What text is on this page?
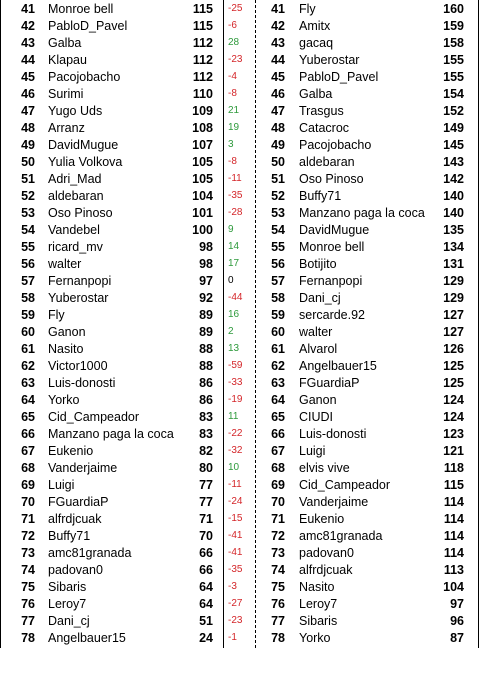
41 Monroe bell	115 -25	41 Fly	160
42 PabloD_Pavel	115 -6	42 Amitx	159
43 Galba	112 28	43 gacaq	158
44 Klapau	112 -23	44 Yuberostar	155
45 Pacojobacho	112 -4	45 PabloD_Pavel	155
46 Surimi	110 -8	46 Galba	154
47 Yugo Uds	109 21	47 Trasgus	152
48 Arranz	108 19	48 Catacroc	149
49 DavidMugue	107 3	49 Pacojobacho	145
50 Yulia Volkova	105 -8	50 aldebaran	143
51 Adri_Mad	105 -11	51 Oso Pinoso	142
52 aldebaran	104 -35	52 Buffy71	140
53 Oso Pinoso	101 -28	53 Manzano paga la coca	140
54 Vandebel	100 9	54 DavidMugue	135
55 ricard_mv	98 14	55 Monroe bell	134
56 walter	98 17	56 Botijito	131
57 Fernanpopi	97 0	57 Fernanpopi	129
58 Yuberostar	92 -44	58 Dani_cj	129
59 Fly	89 16	59 sercarde.92	127
60 Ganon	89 2	60 walter	127
61 Nasito	88 13	61 Alvarol	126
62 Victor1000	88 -59	62 Angelbauer15	125
63 Luis-donosti	86 -33	63 FGuardiaP	125
64 Yorko	86 -19	64 Ganon	124
65 Cid_Campeador	83 11	65 CIUDI	124
66 Manzano paga la coca	83 -22	66 Luis-donosti	123
67 Eukenio	82 -32	67 Luigi	121
68 Vanderjaime	80 10	68 elvis vive	118
69 Luigi	77 -11	69 Cid_Campeador	115
70 FGuardiaP	77 -24	70 Vanderjaime	114
71 alfrdjcuak	71 -15	71 Eukenio	114
72 Buffy71	70 -41	72 amc81granada	114
73 amc81granada	66 -41	73 padovan0	114
74 padovan0	66 -35	74 alfrdjcuak	113
75 Sibaris	64 -3	75 Nasito	104
76 Leroy7	64 -27	76 Leroy7	97
77 Dani_cj	51 -23	77 Sibaris	96
78 Angelbauer15	24 -1	78 Yorko	87
